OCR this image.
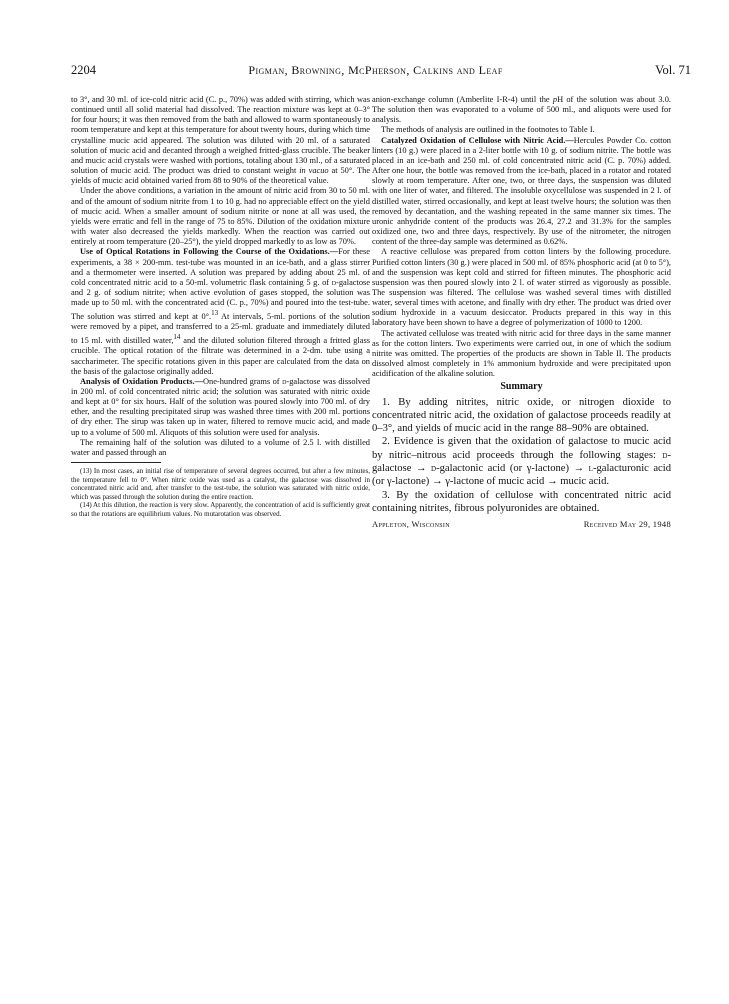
2204	Pigman, Browning, McPherson, Calkins and Leaf	Vol. 71

to 3°, and 30 ml. of ice-cold nitric acid (C. p., 70%) was added with stirring, which was continued until all solid material had dissolved. The reaction mixture was kept at 0–3° for four hours; it was then removed from the bath and allowed to warm spontaneously to room temperature and kept at this temperature for about twenty hours, during which time crystalline mucic acid appeared. The solution was diluted with 20 ml. of a saturated solution of mucic acid and decanted through a weighed fritted-glass crucible. The beaker and mucic acid crystals were washed with portions, totaling about 130 ml., of a saturated solution of mucic acid. The product was dried to constant weight in vacuo at 50°. The yields of mucic acid obtained varied from 88 to 90% of the theoretical value.

Under the above conditions, a variation in the amount of nitric acid from 30 to 50 ml. and of the amount of sodium nitrite from 1 to 10 g. had no appreciable effect on the yield of mucic acid. When a smaller amount of sodium nitrite or none at all was used, the yields were erratic and fell in the range of 75 to 85%. Dilution of the oxidation mixture with water also decreased the yields markedly. When the reaction was carried out entirely at room temperature (20–25°), the yield dropped markedly to as low as 70%.

Use of Optical Rotations in Following the Course of the Oxidations.—For these experiments, a 38 × 200-mm. test-tube was mounted in an ice-bath, and a glass stirrer and a thermometer were inserted. A solution was prepared by adding about 25 ml. of cold concentrated nitric acid to a 50-ml. volumetric flask containing 5 g. of d-galactose and 2 g. of sodium nitrite; when active evolution of gases stopped, the solution was made up to 50 ml. with the concentrated acid (C. p., 70%) and poured into the test-tube. The solution was stirred and kept at 0°.$^{13}$ At intervals, 5-ml. portions of the solution were removed by a pipet, and transferred to a 25-ml. graduate and immediately diluted to 15 ml. with distilled water,$^{14}$ and the diluted solution filtered through a fritted glass crucible. The optical rotation of the filtrate was determined in a 2-dm. tube using a saccharimeter. The specific rotations given in this paper are calculated from the data on the basis of the galactose originally added.

Analysis of Oxidation Products.—One-hundred grams of d-galactose was dissolved in 200 ml. of cold concentrated nitric acid; the solution was saturated with nitric oxide and kept at 0° for six hours. Half of the solution was poured slowly into 700 ml. of dry ether, and the resulting precipitated sirup was washed three times with 200 ml. portions of dry ether. The sirup was taken up in water, filtered to remove mucic acid, and made up to a volume of 500 ml. Aliquots of this solution were used for analysis.

The remaining half of the solution was diluted to a volume of 2.5 l. with distilled water and passed through an

(13) In most cases, an initial rise of temperature of several degrees occurred, but after a few minutes, the temperature fell to 0°. When nitric oxide was used as a catalyst, the galactose was dissolved in concentrated nitric acid and, after transfer to the test-tube, the solution was saturated with nitric oxide, which was passed through the solution during the entire reaction.

(14) At this dilution, the reaction is very slow. Apparently, the concentration of acid is sufficiently great so that the rotations are equilibrium values. No mutarotation was observed.

anion-exchange column (Amberlite I-R-4) until the pH of the solution was about 3.0. The solution then was evaporated to a volume of 500 ml., and aliquots were used for analysis.

The methods of analysis are outlined in the footnotes to Table I.

Catalyzed Oxidation of Cellulose with Nitric Acid.—Hercules Powder Co. cotton linters (10 g.) were placed in a 2-liter bottle with 10 g. of sodium nitrite. The bottle was placed in an ice-bath and 250 ml. of cold concentrated nitric acid (C. p. 70%) added. After one hour, the bottle was removed from the ice-bath, placed in a rotator and rotated slowly at room temperature. After one, two, or three days, the suspension was diluted with one liter of water, and filtered. The insoluble oxycellulose was suspended in 2 l. of distilled water, stirred occasionally, and kept at least twelve hours; the solution was then removed by decantation, and the washing repeated in the same manner six times. The uronic anhydride content of the products was 26.4, 27.2 and 31.3% for the samples oxidized one, two and three days, respectively. By use of the nitrometer, the nitrogen content of the three-day sample was determined as 0.62%.

A reactive cellulose was prepared from cotton linters by the following procedure. Purified cotton linters (30 g.) were placed in 500 ml. of 85% phosphoric acid (at 0 to 5°), and the suspension was kept cold and stirred for fifteen minutes. The phosphoric acid suspension was then poured slowly into 2 l. of water stirred as vigorously as possible. The suspension was filtered. The cellulose was washed several times with distilled water, several times with acetone, and finally with dry ether. The product was dried over sodium hydroxide in a vacuum desiccator. Products prepared in this way in this laboratory have been shown to have a degree of polymerization of 1000 to 1200.

The activated cellulose was treated with nitric acid for three days in the same manner as for the cotton linters. Two experiments were carried out, in one of which the sodium nitrite was omitted. The properties of the products are shown in Table II. The products dissolved almost completely in 1% ammonium hydroxide and were precipitated upon acidification of the alkaline solution.

Summary

1. By adding nitrites, nitric oxide, or nitrogen dioxide to concentrated nitric acid, the oxidation of galactose proceeds readily at 0–3°, and yields of mucic acid in the range 88–90% are obtained.

2. Evidence is given that the oxidation of galactose to mucic acid by nitric–nitrous acid proceeds through the following stages: d-galactose → d-galactonic acid (or γ-lactone) → l-galacturonic acid (or γ-lactone) → γ-lactone of mucic acid → mucic acid.

3. By the oxidation of cellulose with concentrated nitric acid containing nitrites, fibrous polyuronides are obtained.

Appleton, Wisconsin	Received May 29, 1948
